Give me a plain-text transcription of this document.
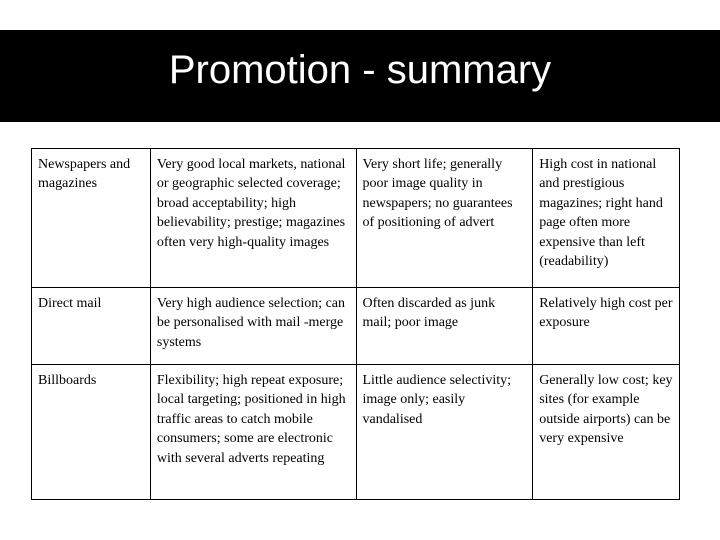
Promotion - summary
Newspapers and magazines	Very good local markets, national or geographic selected coverage; broad acceptability; high believability; prestige; magazines often very high-quality images	Very short life; generally poor image quality in newspapers; no guarantees of positioning of advert	High cost in national and prestigious magazines; right hand page often more expensive than left (readability)
Direct mail	Very high audience selection; can be personalised with mail -merge systems	Often discarded as junk mail; poor image	Relatively high cost per exposure
Billboards	Flexibility; high repeat exposure; local targeting; positioned in high traffic areas to catch mobile consumers; some are electronic with several adverts repeating	Little audience selectivity; image only; easily vandalised	Generally low cost; key sites (for example outside airports) can be very expensive
